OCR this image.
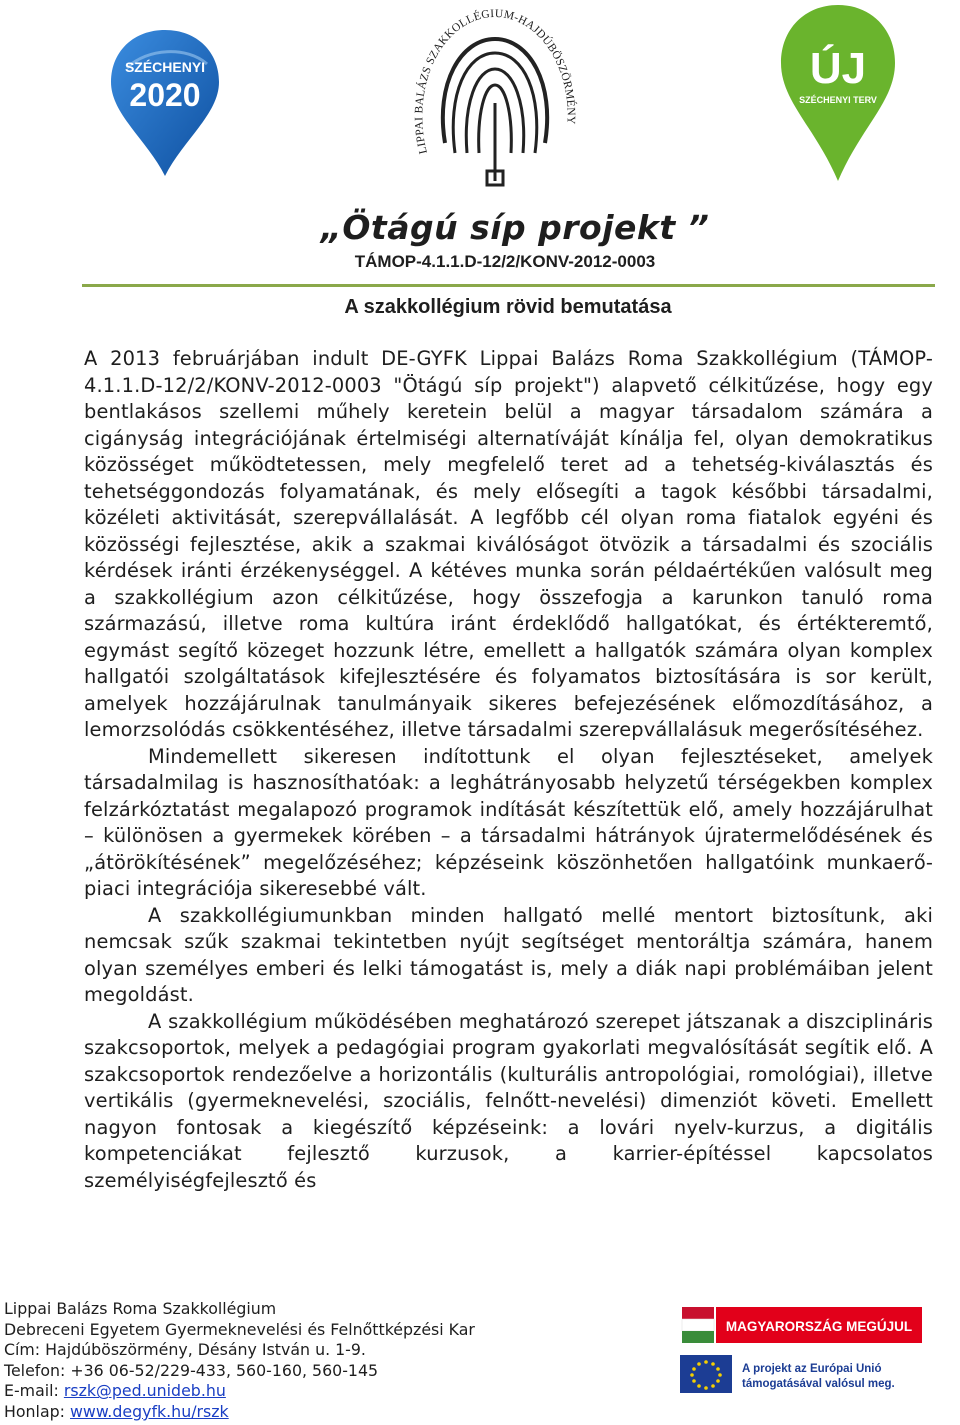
SZÉCHENYI
2020
LIPPAI BALÁZS SZAKKOLLÉGIUM-HAJDÚBÖSZÖRMÉNY
ÚJ
SZÉCHENYI TERV
„Ötágú síp projekt ”
TÁMOP-4.1.1.D-12/2/KONV-2012-0003
A szakkollégium rövid bemutatása

A 2013 februárjában indult DE-GYFK Lippai Balázs Roma Szakkollégium (TÁMOP-4.1.1.D-12/2/KONV-2012-0003 "Ötágú síp projekt") alapvető célkitűzése, hogy egy bentlakásos szellemi műhely keretein belül a magyar társadalom számára a cigányság integrációjának értelmiségi alternatíváját kínálja fel, olyan demokratikus közösséget működtetessen, mely megfelelő teret ad a tehetség-kiválasztás és tehetséggondozás folyamatának, és mely elősegíti a tagok későbbi társadalmi, közéleti aktivitását, szerepvállalását. A legfőbb cél olyan roma fiatalok egyéni és közösségi fejlesztése, akik a szakmai kiválóságot ötvözik a társadalmi és szociális kérdések iránti érzékenységgel. A kétéves munka során példaértékűen valósult meg a szakkollégium azon célkitűzése, hogy összefogja a karunkon tanuló roma származású, illetve roma kultúra iránt érdeklődő hallgatókat, és értékteremtő, egymást segítő közeget hozzunk létre, emellett a hallgatók számára olyan komplex hallgatói szolgáltatások kifejlesztésére és folyamatos biztosítására is sor került, amelyek hozzájárulnak tanulmányaik sikeres befejezésének előmozdításához, a lemorzsolódás csökkentéséhez, illetve társadalmi szerepvállalásuk megerősítéséhez.

Mindemellett sikeresen indítottunk el olyan fejlesztéseket, amelyek társadalmilag is hasznosíthatóak: a leghátrányosabb helyzetű térségekben komplex felzárkóztatást megalapozó programok indítását készítettük elő, amely hozzájárulhat – különösen a gyermekek körében – a társadalmi hátrányok újratermelődésének és „átörökítésének” megelőzéséhez; képzéseink köszönhetően hallgatóink munkaerő-piaci integrációja sikeresebbé vált.

A szakkollégiumunkban minden hallgató mellé mentort biztosítunk, aki nemcsak szűk szakmai tekintetben nyújt segítséget mentoráltja számára, hanem olyan személyes emberi és lelki támogatást is, mely a diák napi problémáiban jelent megoldást.

A szakkollégium működésében meghatározó szerepet játszanak a diszciplináris szakcsoportok, melyek a pedagógiai program gyakorlati megvalósítását segítik elő. A szakcsoportok rendezőelve a horizontális (kulturális antropológiai, romológiai), illetve vertikális (gyermeknevelési, szociális, felnőtt-nevelési) dimenziót követi. Emellett nagyon fontosak a kiegészítő képzéseink: a lovári nyelv-kurzus, a digitális kompetenciákat fejlesztő kurzusok, a karrier-építéssel kapcsolatos személyiségfejlesztő és

Lippai Balázs Roma Szakkollégium
Debreceni Egyetem Gyermeknevelési és Felnőttképzési Kar
Cím: Hajdúböszörmény, Désány István u. 1-9.
Telefon: +36 06-52/229-433, 560-160, 560-145
E-mail: rszk@ped.unideb.hu
Honlap: www.degyfk.hu/rszk
MAGYARORSZÁG MEGÚJUL
A projekt az Európai Unió
támogatásával valósul meg.
